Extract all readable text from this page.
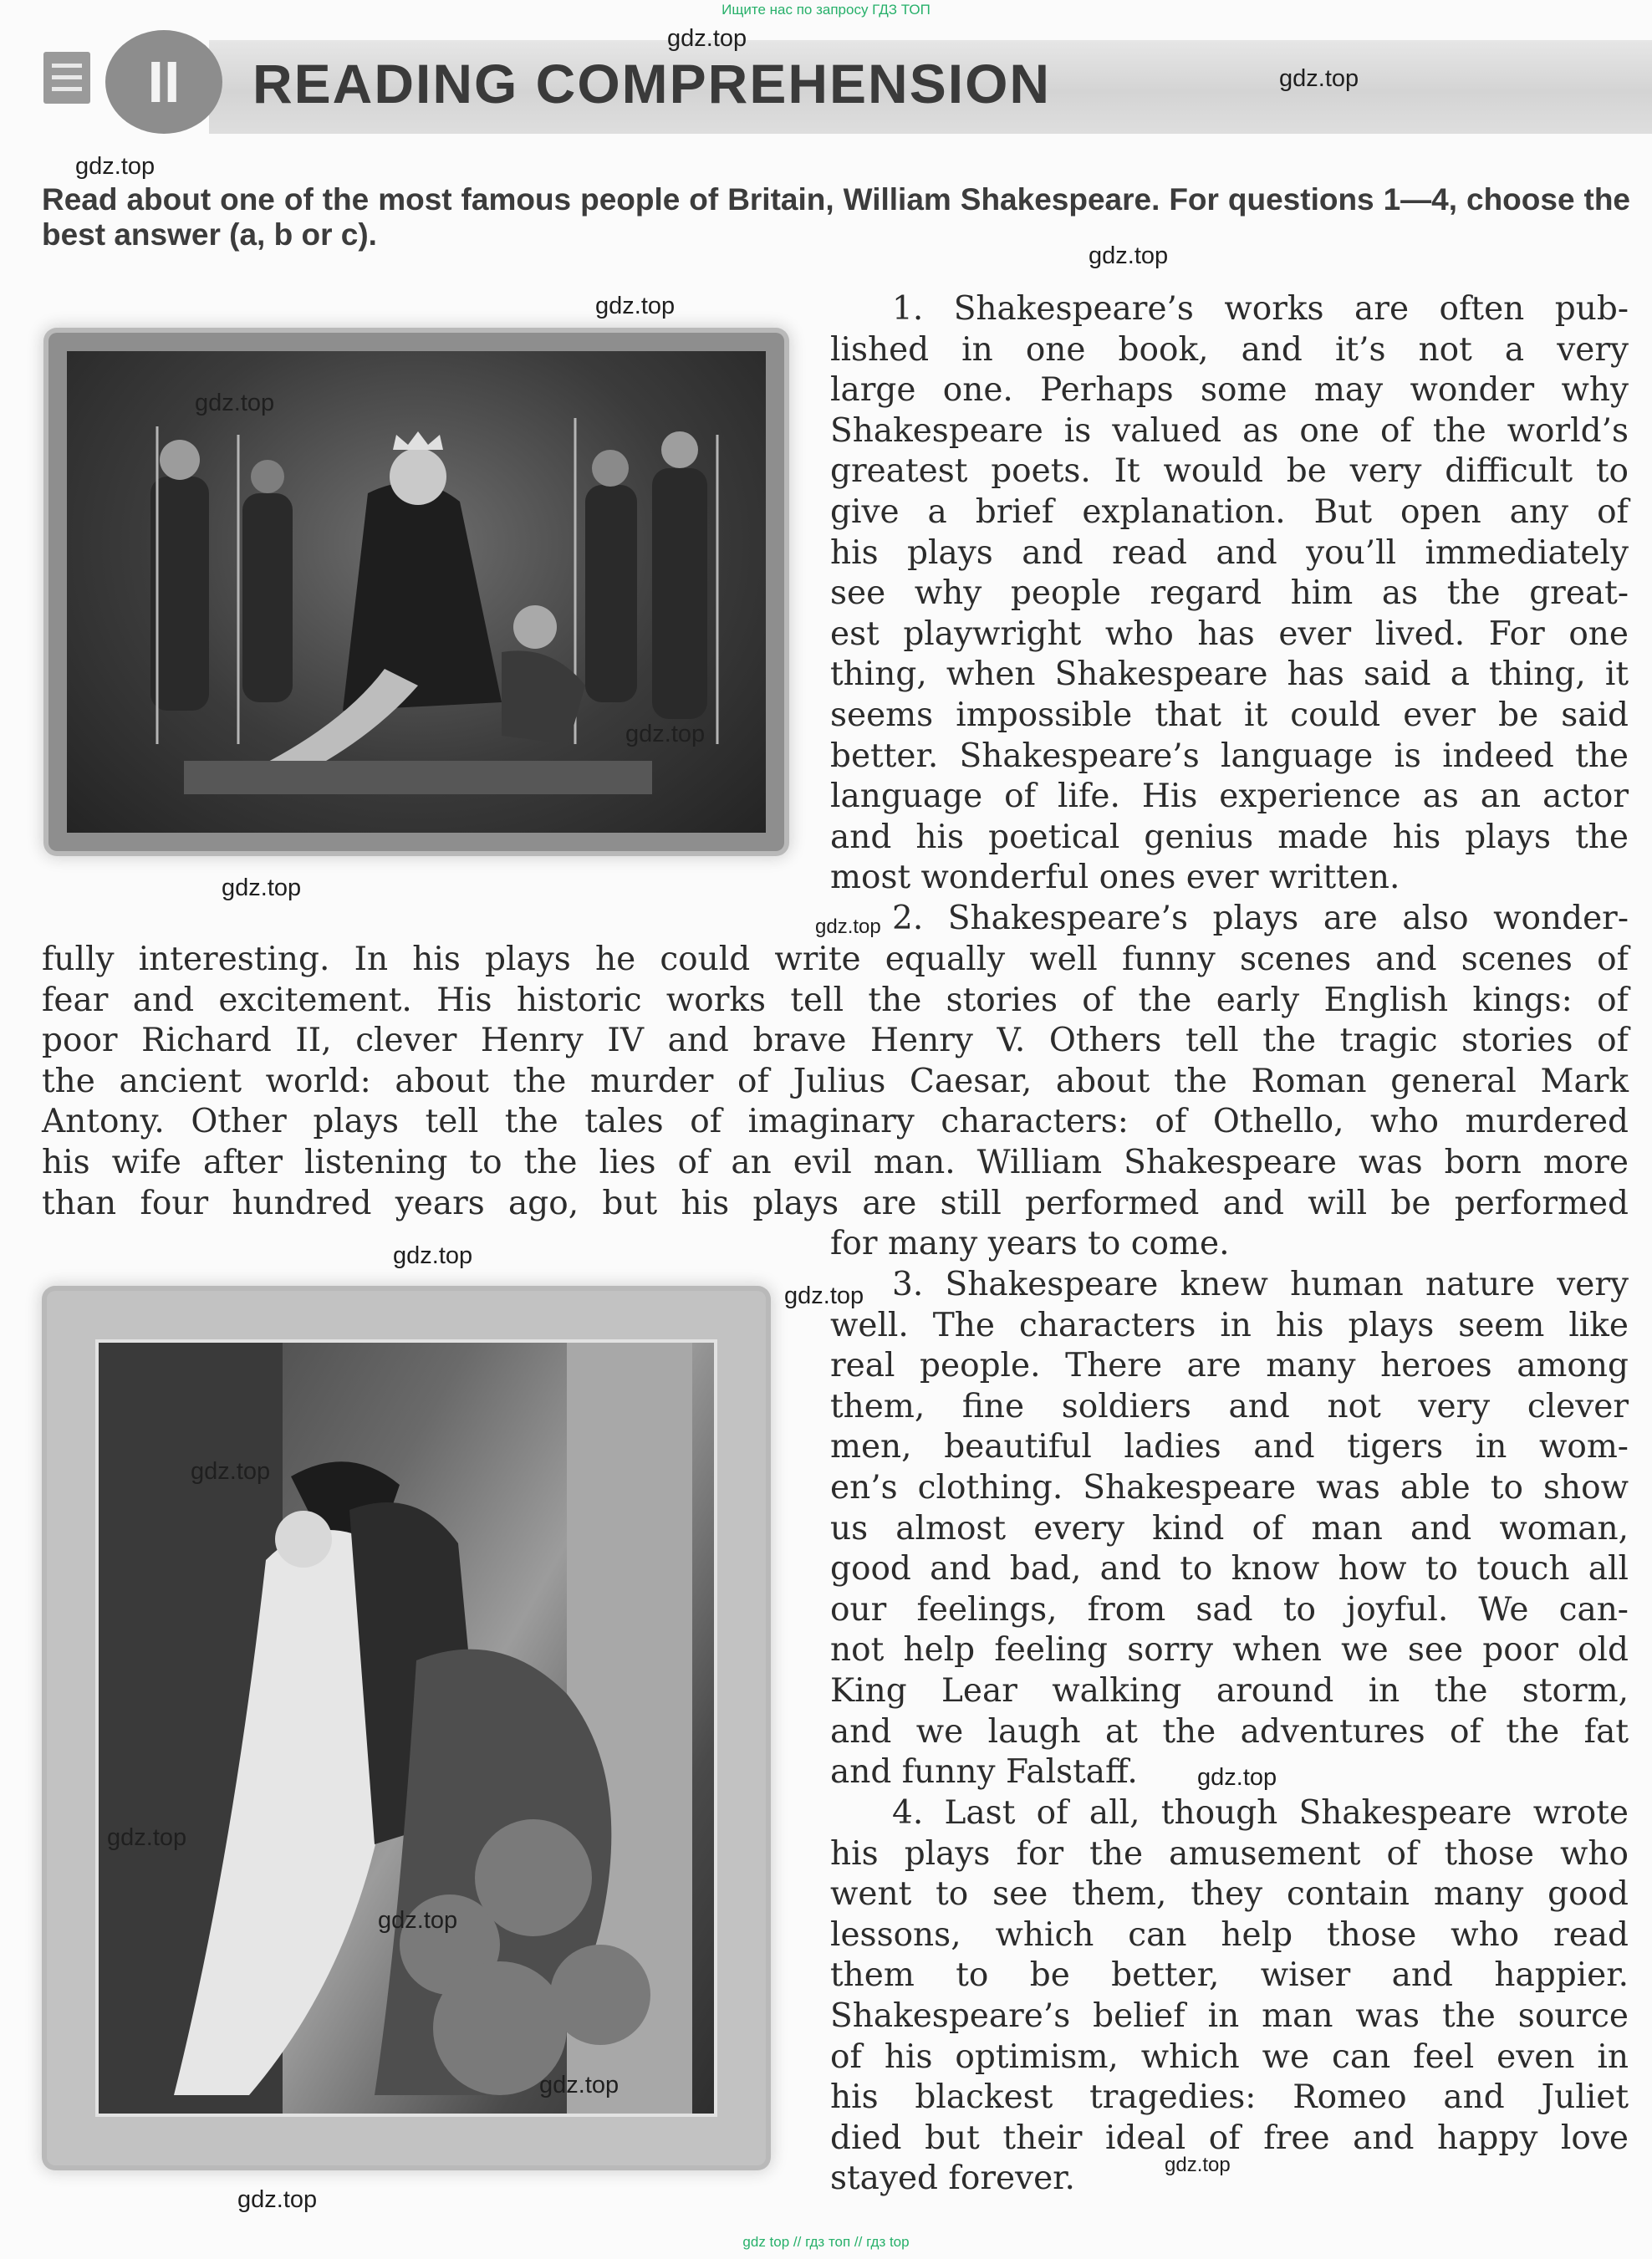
Ищите нас по запросу ГДЗ ТОП
II	READING COMPREHENSION
Read about one of the most famous people of Britain, William Shakespeare. For questions 1—4, choose the best answer (a, b or c).
1. Shakespeare’s works are often pub-
lished in one book, and it’s not a very
large one. Perhaps some may wonder why
Shakespeare is valued as one of the world’s
greatest poets. It would be very difficult to
give a brief explanation. But open any of
his plays and read and you’ll immediately
see why people regard him as the great-
est playwright who has ever lived. For one
thing, when Shakespeare has said a thing, it
seems impossible that it could ever be said
better. Shakespeare’s language is indeed the
language of life. His experience as an actor
and his poetical genius made his plays the
most wonderful ones ever written.
2. Shakespeare’s plays are also wonder-
fully interesting. In his plays he could write equally well funny scenes and scenes of
fear and excitement. His historic works tell the stories of the early English kings: of
poor Richard II, clever Henry IV and brave Henry V. Others tell the tragic stories of
the ancient world: about the murder of Julius Caesar, about the Roman general Mark
Antony. Other plays tell the tales of imaginary characters: of Othello, who murdered
his wife after listening to the lies of an evil man. William Shakespeare was born more
than four hundred years ago, but his plays are still performed and will be performed
for many years to come.
3. Shakespeare knew human nature very
well. The characters in his plays seem like
real people. There are many heroes among
them, fine soldiers and not very clever
men, beautiful ladies and tigers in wom-
en’s clothing. Shakespeare was able to show
us almost every kind of man and woman,
good and bad, and to know how to touch all
our feelings, from sad to joyful. We can-
not help feeling sorry when we see poor old
King Lear walking around in the storm,
and we laugh at the adventures of the fat
and funny Falstaff.
4. Last of all, though Shakespeare wrote
his plays for the amusement of those who
went to see them, they contain many good
lessons, which can help those who read
them to be better, wiser and happier.
Shakespeare’s belief in man was the source
of his optimism, which we can feel even in
his blackest tragedies: Romeo and Juliet
died but their ideal of free and happy love
stayed forever.
gdz.top
gdz.top
gdz.top
gdz.top
gdz.top
gdz.top
gdz.top
gdz.top
gdz.top
gdz.top
gdz.top
gdz.top
gdz.top
gdz.top
gdz.top
gdz.top
gdz.top
gdz.top
gdz top // гдз топ // гдз top
